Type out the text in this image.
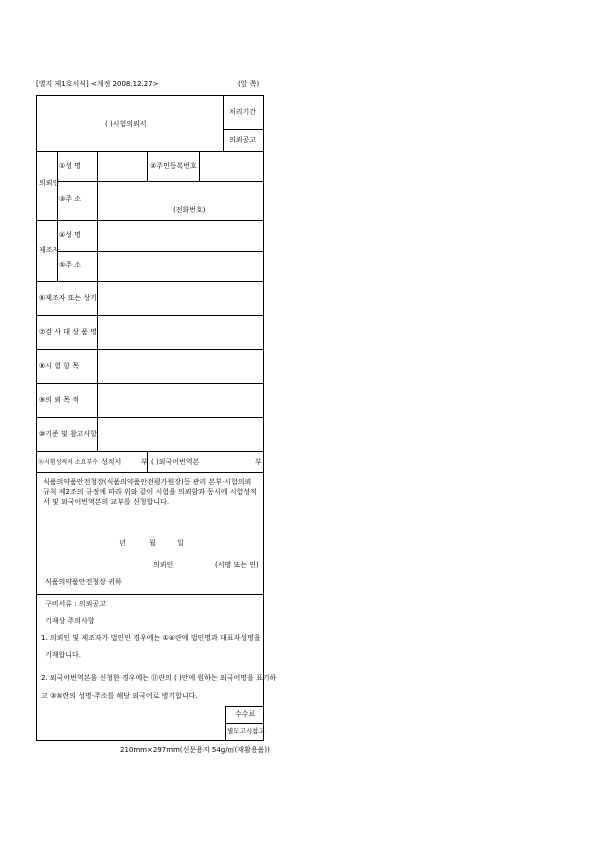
[별지 제1호서식] <개정 2008.12.27>	(앞 쪽)
( )시험의뢰서
처리기간
의뢰공고
의뢰인
①성 명	②주민등록번호
③주 소
(전화번호)
제조자
④성 명
⑤주 소
⑥제조자 또는 상기
⑦검 사 대 상 품 명
⑧시 험 항 목
⑨의 뢰 목 적
⑩기준 및 참고사항
⑪시험성적서 소요부수 성적서	부 ( )외국어번역본	부
식품의약품안전청장(식품의약품안전평가원장)등 관리 본부·시험의뢰규칙 제2조의 규정에 따라 위와 같이 시험을 의뢰함과 동시에 시험성적서 및 외국어번역본의 교부를 신청합니다.
년	월	일
의뢰인	(서명 또는 인)
식품의약품안전청장 귀하
구비서류 : 의뢰공고
기재상 주의사항
1. 의뢰인 및 제조자가 법인인 경우에는 ①④란에 법인명과 대표자성명을
기재합니다.
2. 외국어번역본을 신청한 경우에는 ⑪란의 ( )안에 원하는 외국어명을 표기하
고 ③⑤란의 성명·주소를 해당 외국어로 병기합니다.
수수료
별도고시참고
210mm×297mm(신문용지 54g/㎡(재활용품))
